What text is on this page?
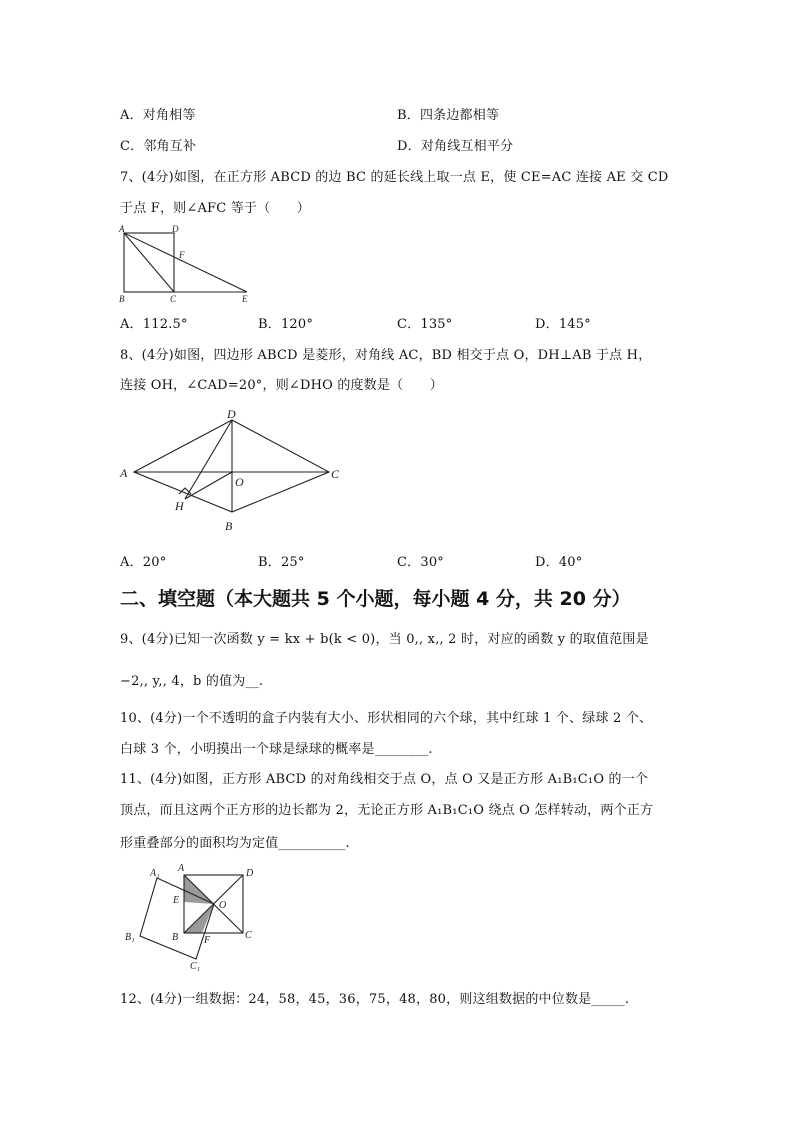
A．对角相等	B．四条边都相等
C．邻角互补	D．对角线互相平分
7、(4分)如图，在正方形 ABCD 的边 BC 的延长线上取一点 E，使 CE=AC 连接 AE 交 CD
于点 F，则∠AFC 等于（　　）
A	D
F
B	C	E
A．112.5°	B．120°	C．135°	D．145°
8、(4分)如图，四边形 ABCD 是菱形，对角线 AC，BD 相交于点 O，DH⊥AB 于点 H，
连接 OH，∠CAD=20°，则∠DHO 的度数是（　　）
A
D
C
O
H
B
A．20°	B．25°	C．30°	D．40°
二、填空题（本大题共 5 个小题，每小题 4 分，共 20 分）
9、(4分)已知一次函数 y = kx + b(k < 0)，当 0,, x,, 2 时，对应的函数 y 的取值范围是
−2,, y,, 4，b 的值为__.
10、(4分)一个不透明的盒子内装有大小、形状相同的六个球，其中红球 1 个、绿球 2 个、
白球 3 个，小明摸出一个球是绿球的概率是________.
11、(4分)如图，正方形 ABCD 的对角线相交于点 O，点 O 又是正方形 A₁B₁C₁O 的一个
顶点，而且这两个正方形的边长都为 2，无论正方形 A₁B₁C₁O 绕点 O 怎样转动，两个正方
形重叠部分的面积均为定值__________.
A₁ A	D
E	O
B₁	B	F	C
C₁
12、(4分)一组数据：24，58，45，36，75，48，80，则这组数据的中位数是_____.
